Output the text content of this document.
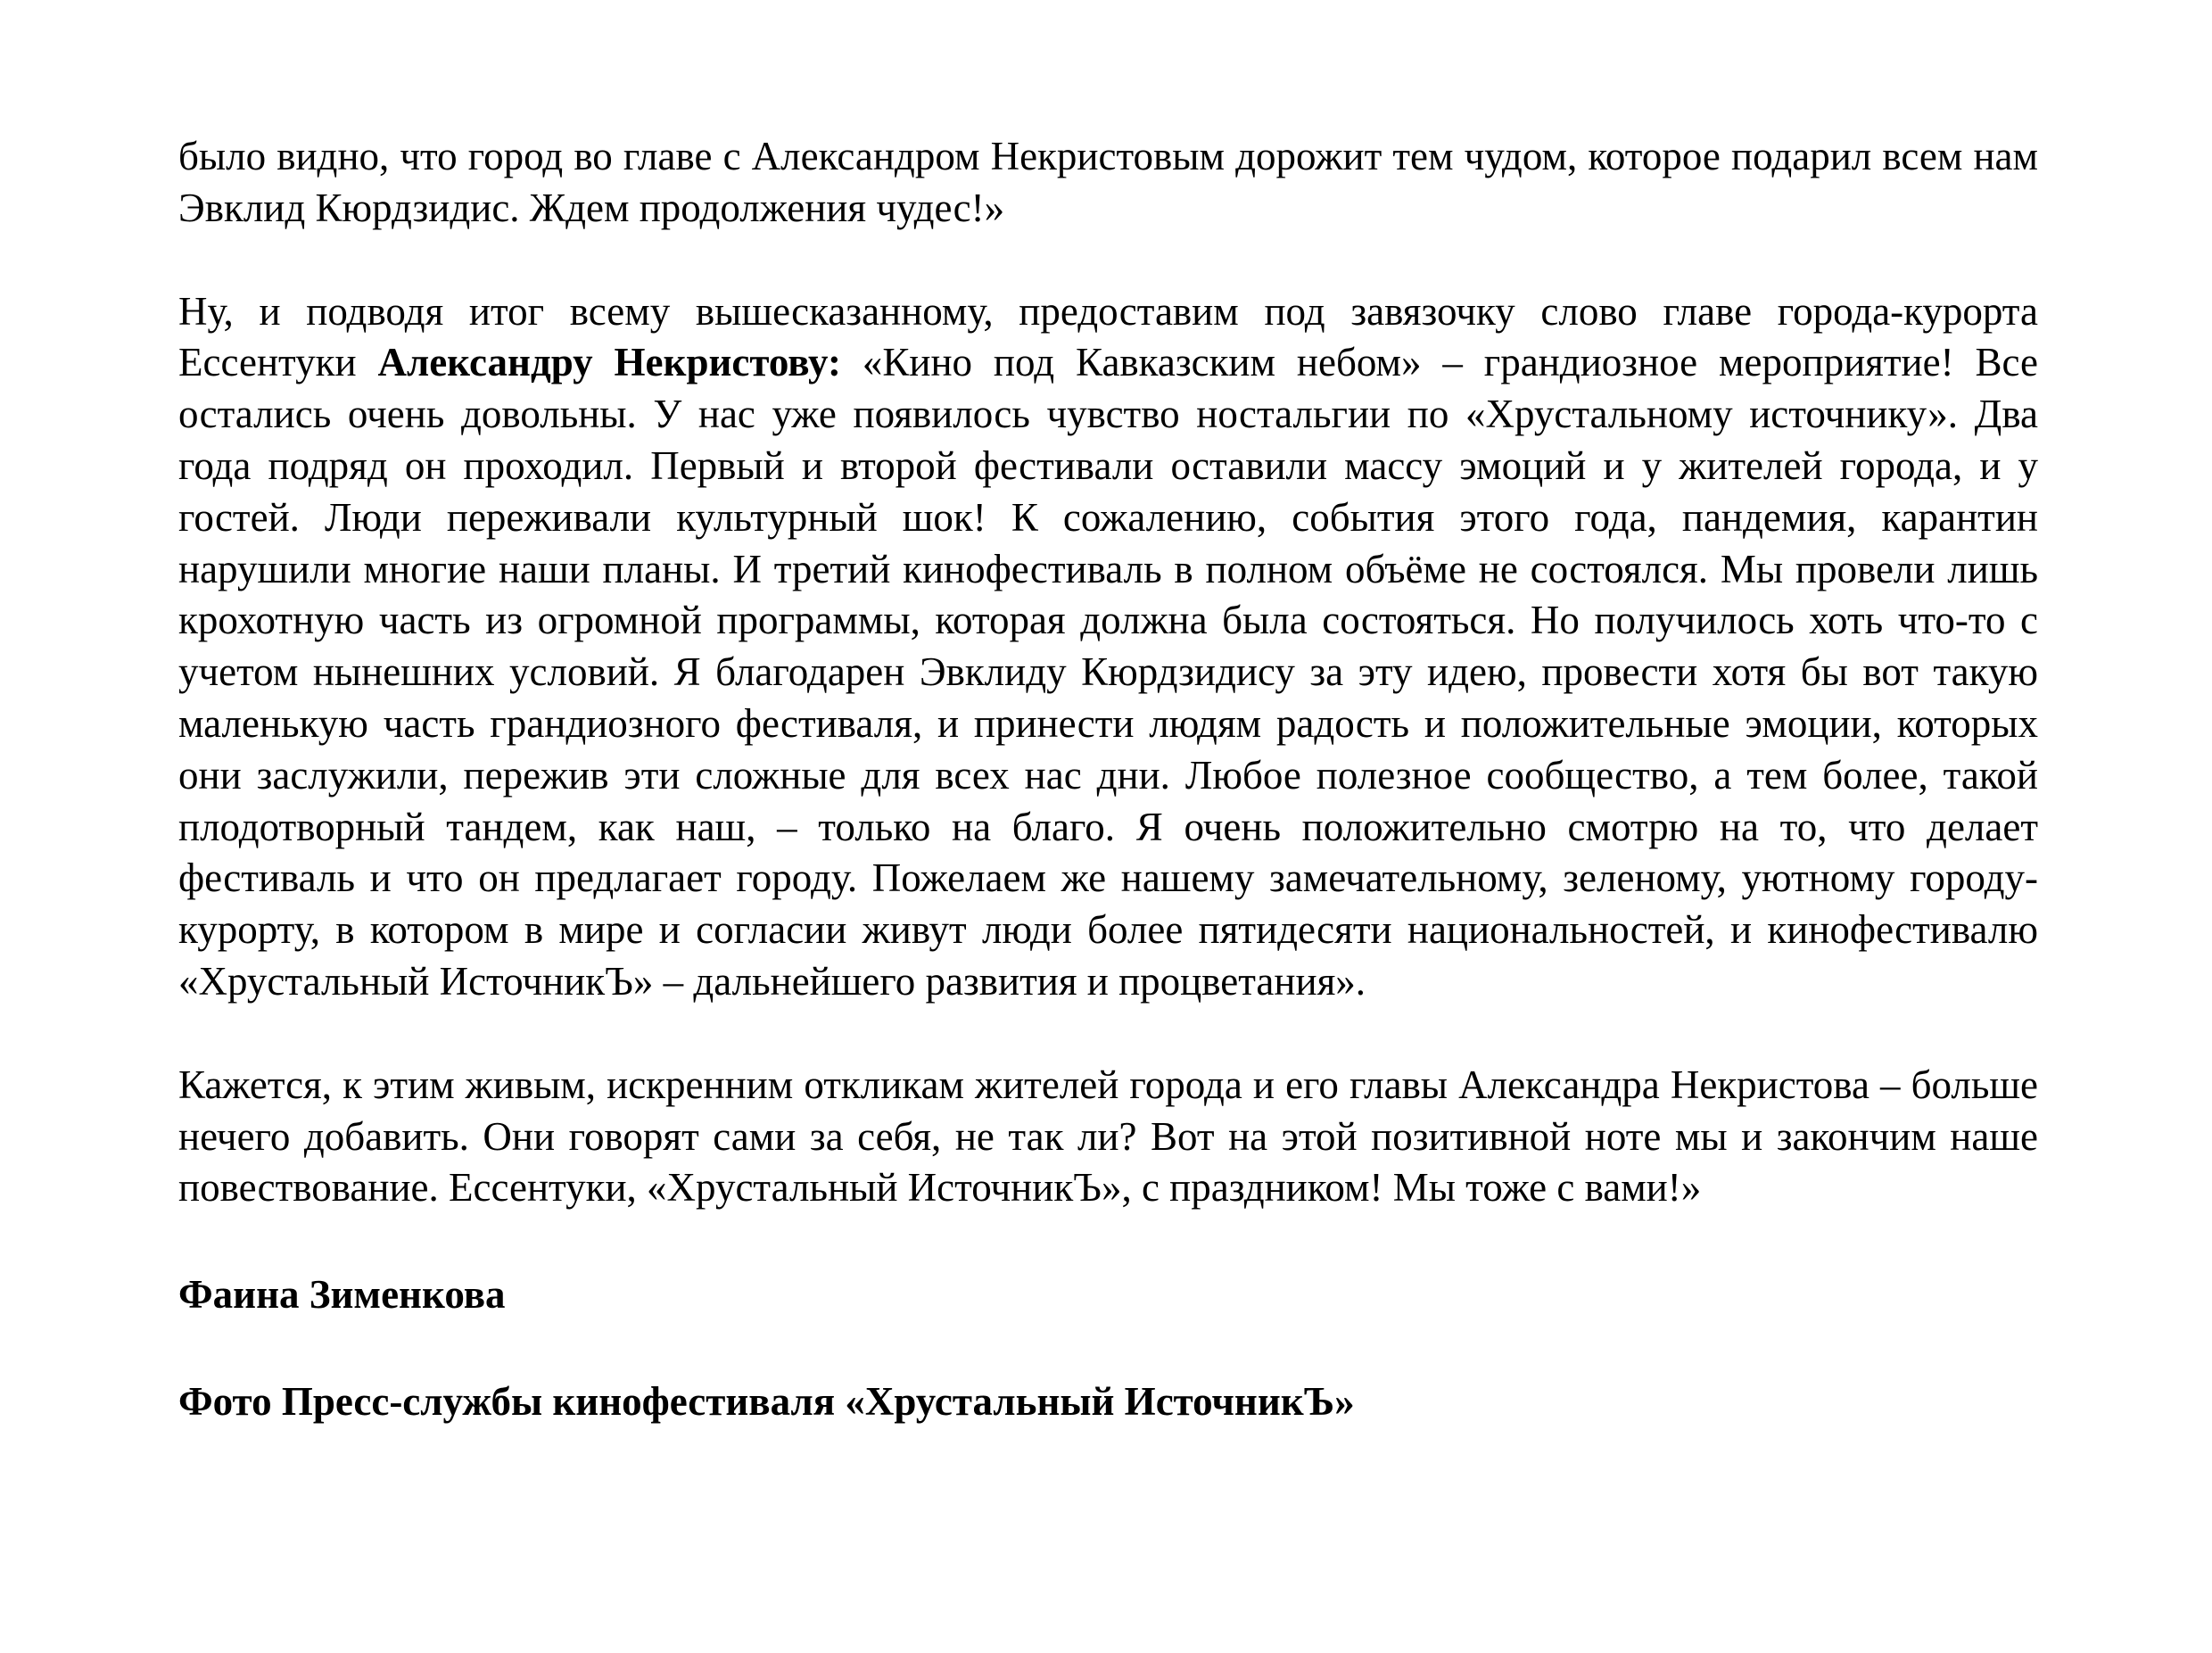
было видно, что город во главе с Александром Некристовым дорожит тем чудом, которое подарил всем нам Эвклид Кюрдзидис. Ждем продолжения чудес!»

Ну, и подводя итог всему вышесказанному, предоставим под завязочку слово главе города-курорта Ессентуки Александру Некристову: «Кино под Кавказским небом» – грандиозное мероприятие! Все остались очень довольны. У нас уже появилось чувство ностальгии по «Хрустальному источнику». Два года подряд он проходил. Первый и второй фестивали оставили массу эмоций и у жителей города, и у гостей. Люди переживали культурный шок! К сожалению, события этого года, пандемия, карантин нарушили многие наши планы. И третий кинофестиваль в полном объёме не состоялся. Мы провели лишь крохотную часть из огромной программы, которая должна была состояться. Но получилось хоть что-то с учетом нынешних условий. Я благодарен Эвклиду Кюрдзидису за эту идею, провести хотя бы вот такую маленькую часть грандиозного фестиваля, и принести людям радость и положительные эмоции, которых они заслужили, пережив эти сложные для всех нас дни. Любое полезное сообщество, а тем более, такой плодотворный тандем, как наш, – только на благо. Я очень положительно смотрю на то, что делает фестиваль и что он предлагает городу. Пожелаем же нашему замечательному, зеленому, уютному городу-курорту, в котором в мире и согласии живут люди более пятидесяти национальностей, и кинофестивалю «Хрустальный ИсточникЪ» – дальнейшего развития и процветания».

Кажется, к этим живым, искренним откликам жителей города и его главы Александра Некристова – больше нечего добавить. Они говорят сами за себя, не так ли? Вот на этой позитивной ноте мы и закончим наше повествование. Ессентуки, «Хрустальный ИсточникЪ», с праздником! Мы тоже с вами!»

Фаина Зименкова

Фото Пресс-службы кинофестиваля «Хрустальный ИсточникЪ»
